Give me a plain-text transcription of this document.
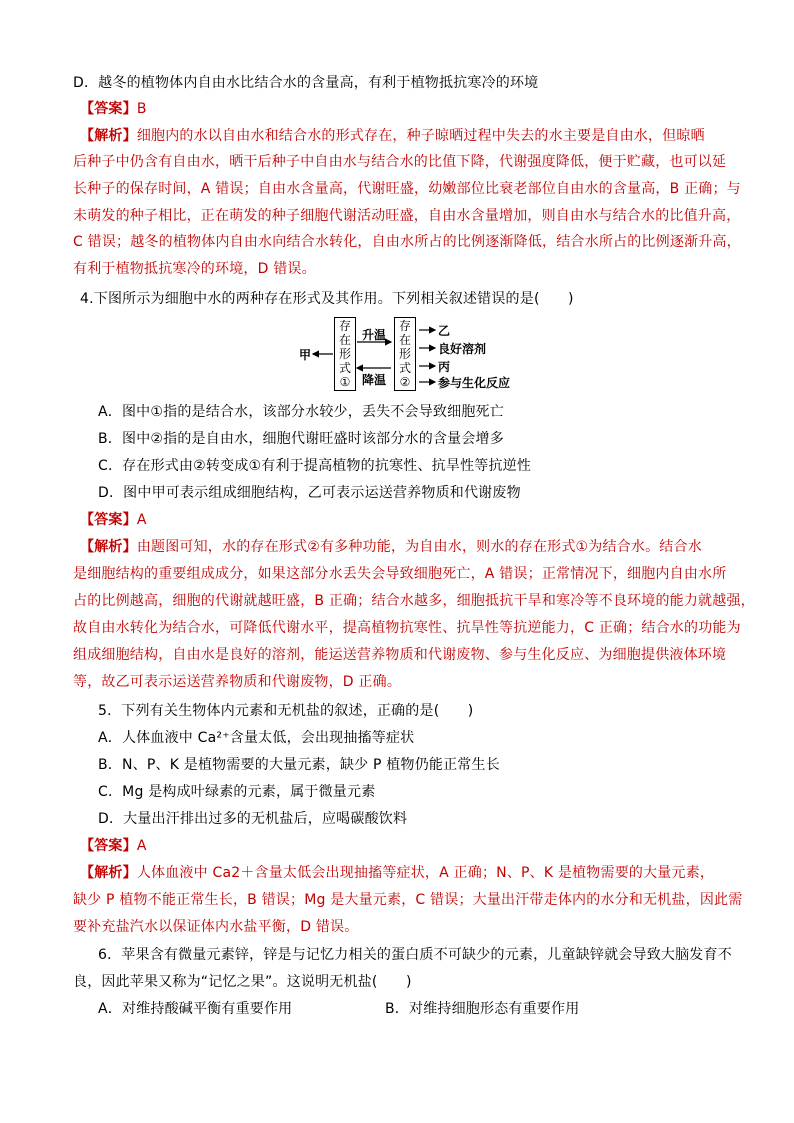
D．越冬的植物体内自由水比结合水的含量高，有利于植物抵抗寒冷的环境
【答案】B
【解析】细胞内的水以自由水和结合水的形式存在，种子晾晒过程中失去的水主要是自由水，但晾晒
后种子中仍含有自由水，晒干后种子中自由水与结合水的比值下降，代谢强度降低，便于贮藏，也可以延
长种子的保存时间，A 错误；自由水含量高，代谢旺盛，幼嫩部位比衰老部位自由水的含量高，B 正确；与
未萌发的种子相比，正在萌发的种子细胞代谢活动旺盛，自由水含量增加，则自由水与结合水的比值升高，
C 错误；越冬的植物体内自由水向结合水转化，自由水所占的比例逐渐降低，结合水所占的比例逐渐升高，
有利于植物抵抗寒冷的环境，D 错误。
4.下图所示为细胞中水的两种存在形式及其作用。下列相关叙述错误的是(　　)
甲
存
在
形
式
①
升温
降温
存
在
形
式
②
乙
良好溶剂
丙
参与生化反应
A．图中①指的是结合水，该部分水较少，丢失不会导致细胞死亡
B．图中②指的是自由水，细胞代谢旺盛时该部分水的含量会增多
C．存在形式由②转变成①有利于提高植物的抗寒性、抗旱性等抗逆性
D．图中甲可表示组成细胞结构，乙可表示运送营养物质和代谢废物
【答案】A
【解析】由题图可知，水的存在形式②有多种功能，为自由水，则水的存在形式①为结合水。结合水
是细胞结构的重要组成成分，如果这部分水丢失会导致细胞死亡，A 错误；正常情况下，细胞内自由水所
占的比例越高，细胞的代谢就越旺盛，B 正确；结合水越多，细胞抵抗干旱和寒冷等不良环境的能力就越强，
故自由水转化为结合水，可降低代谢水平，提高植物抗寒性、抗旱性等抗逆能力，C 正确；结合水的功能为
组成细胞结构，自由水是良好的溶剂，能运送营养物质和代谢废物、参与生化反应、为细胞提供液体环境
等，故乙可表示运送营养物质和代谢废物，D 正确。
5．下列有关生物体内元素和无机盐的叙述，正确的是(　　)
A．人体血液中 Ca²⁺含量太低，会出现抽搐等症状
B．N、P、K 是植物需要的大量元素，缺少 P 植物仍能正常生长
C．Mg 是构成叶绿素的元素，属于微量元素
D．大量出汗排出过多的无机盐后，应喝碳酸饮料
【答案】A
【解析】人体血液中 Ca2＋含量太低会出现抽搐等症状，A 正确；N、P、K 是植物需要的大量元素，
缺少 P 植物不能正常生长，B 错误；Mg 是大量元素，C 错误；大量出汗带走体内的水分和无机盐，因此需
要补充盐汽水以保证体内水盐平衡，D 错误。
6．苹果含有微量元素锌，锌是与记忆力相关的蛋白质不可缺少的元素，儿童缺锌就会导致大脑发育不
良，因此苹果又称为“记忆之果”。这说明无机盐(　　)
A．对维持酸碱平衡有重要作用	B．对维持细胞形态有重要作用
